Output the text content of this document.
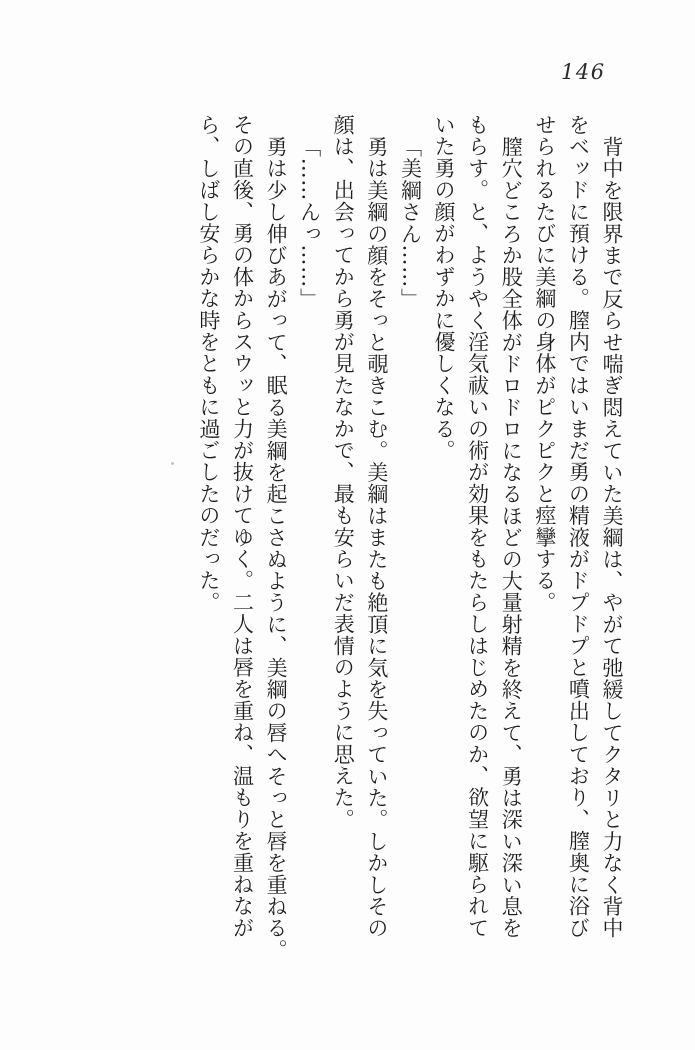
146
背中を限界まで反らせ喘ぎ悶えていた美綱は、やがて弛緩してクタリと力なく背中
をベッドに預ける。膣内ではいまだ勇の精液がドプドプと噴出しており、膣奥に浴び
せられるたびに美綱の身体がピクピクと痙攣する。
膣穴どころか股全体がドロドロになるほどの大量射精を終えて、勇は深い深い息を
もらす。と、ようやく淫気祓いの術が効果をもたらしはじめたのか、欲望に駆られて
いた勇の顔がわずかに優しくなる。
「美綱さん……」
勇は美綱の顔をそっと覗きこむ。美綱はまたも絶頂に気を失っていた。しかしその
顔は、出会ってから勇が見たなかで、最も安らいだ表情のように思えた。
「……んっ……」
勇は少し伸びあがって、眠る美綱を起こさぬように、美綱の唇へそっと唇を重ねる。
その直後、勇の体からスウッと力が抜けてゆく。二人は唇を重ね、温もりを重ねなが
ら、しばし安らかな時をともに過ごしたのだった。
